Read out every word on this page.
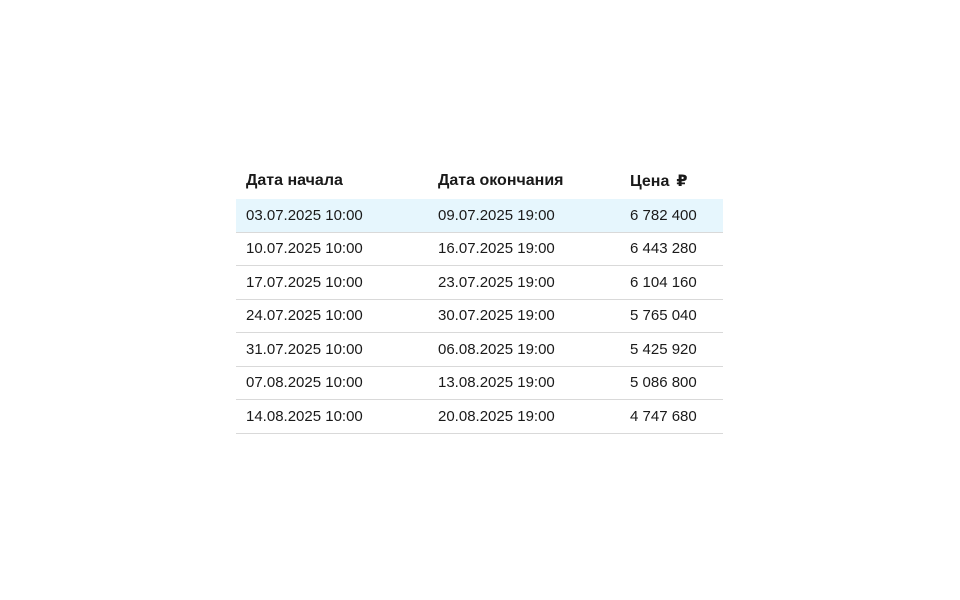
Дата начала	Дата окончания	Цена ₽
03.07.2025 10:00	09.07.2025 19:00	6 782 400
10.07.2025 10:00	16.07.2025 19:00	6 443 280
17.07.2025 10:00	23.07.2025 19:00	6 104 160
24.07.2025 10:00	30.07.2025 19:00	5 765 040
31.07.2025 10:00	06.08.2025 19:00	5 425 920
07.08.2025 10:00	13.08.2025 19:00	5 086 800
14.08.2025 10:00	20.08.2025 19:00	4 747 680
